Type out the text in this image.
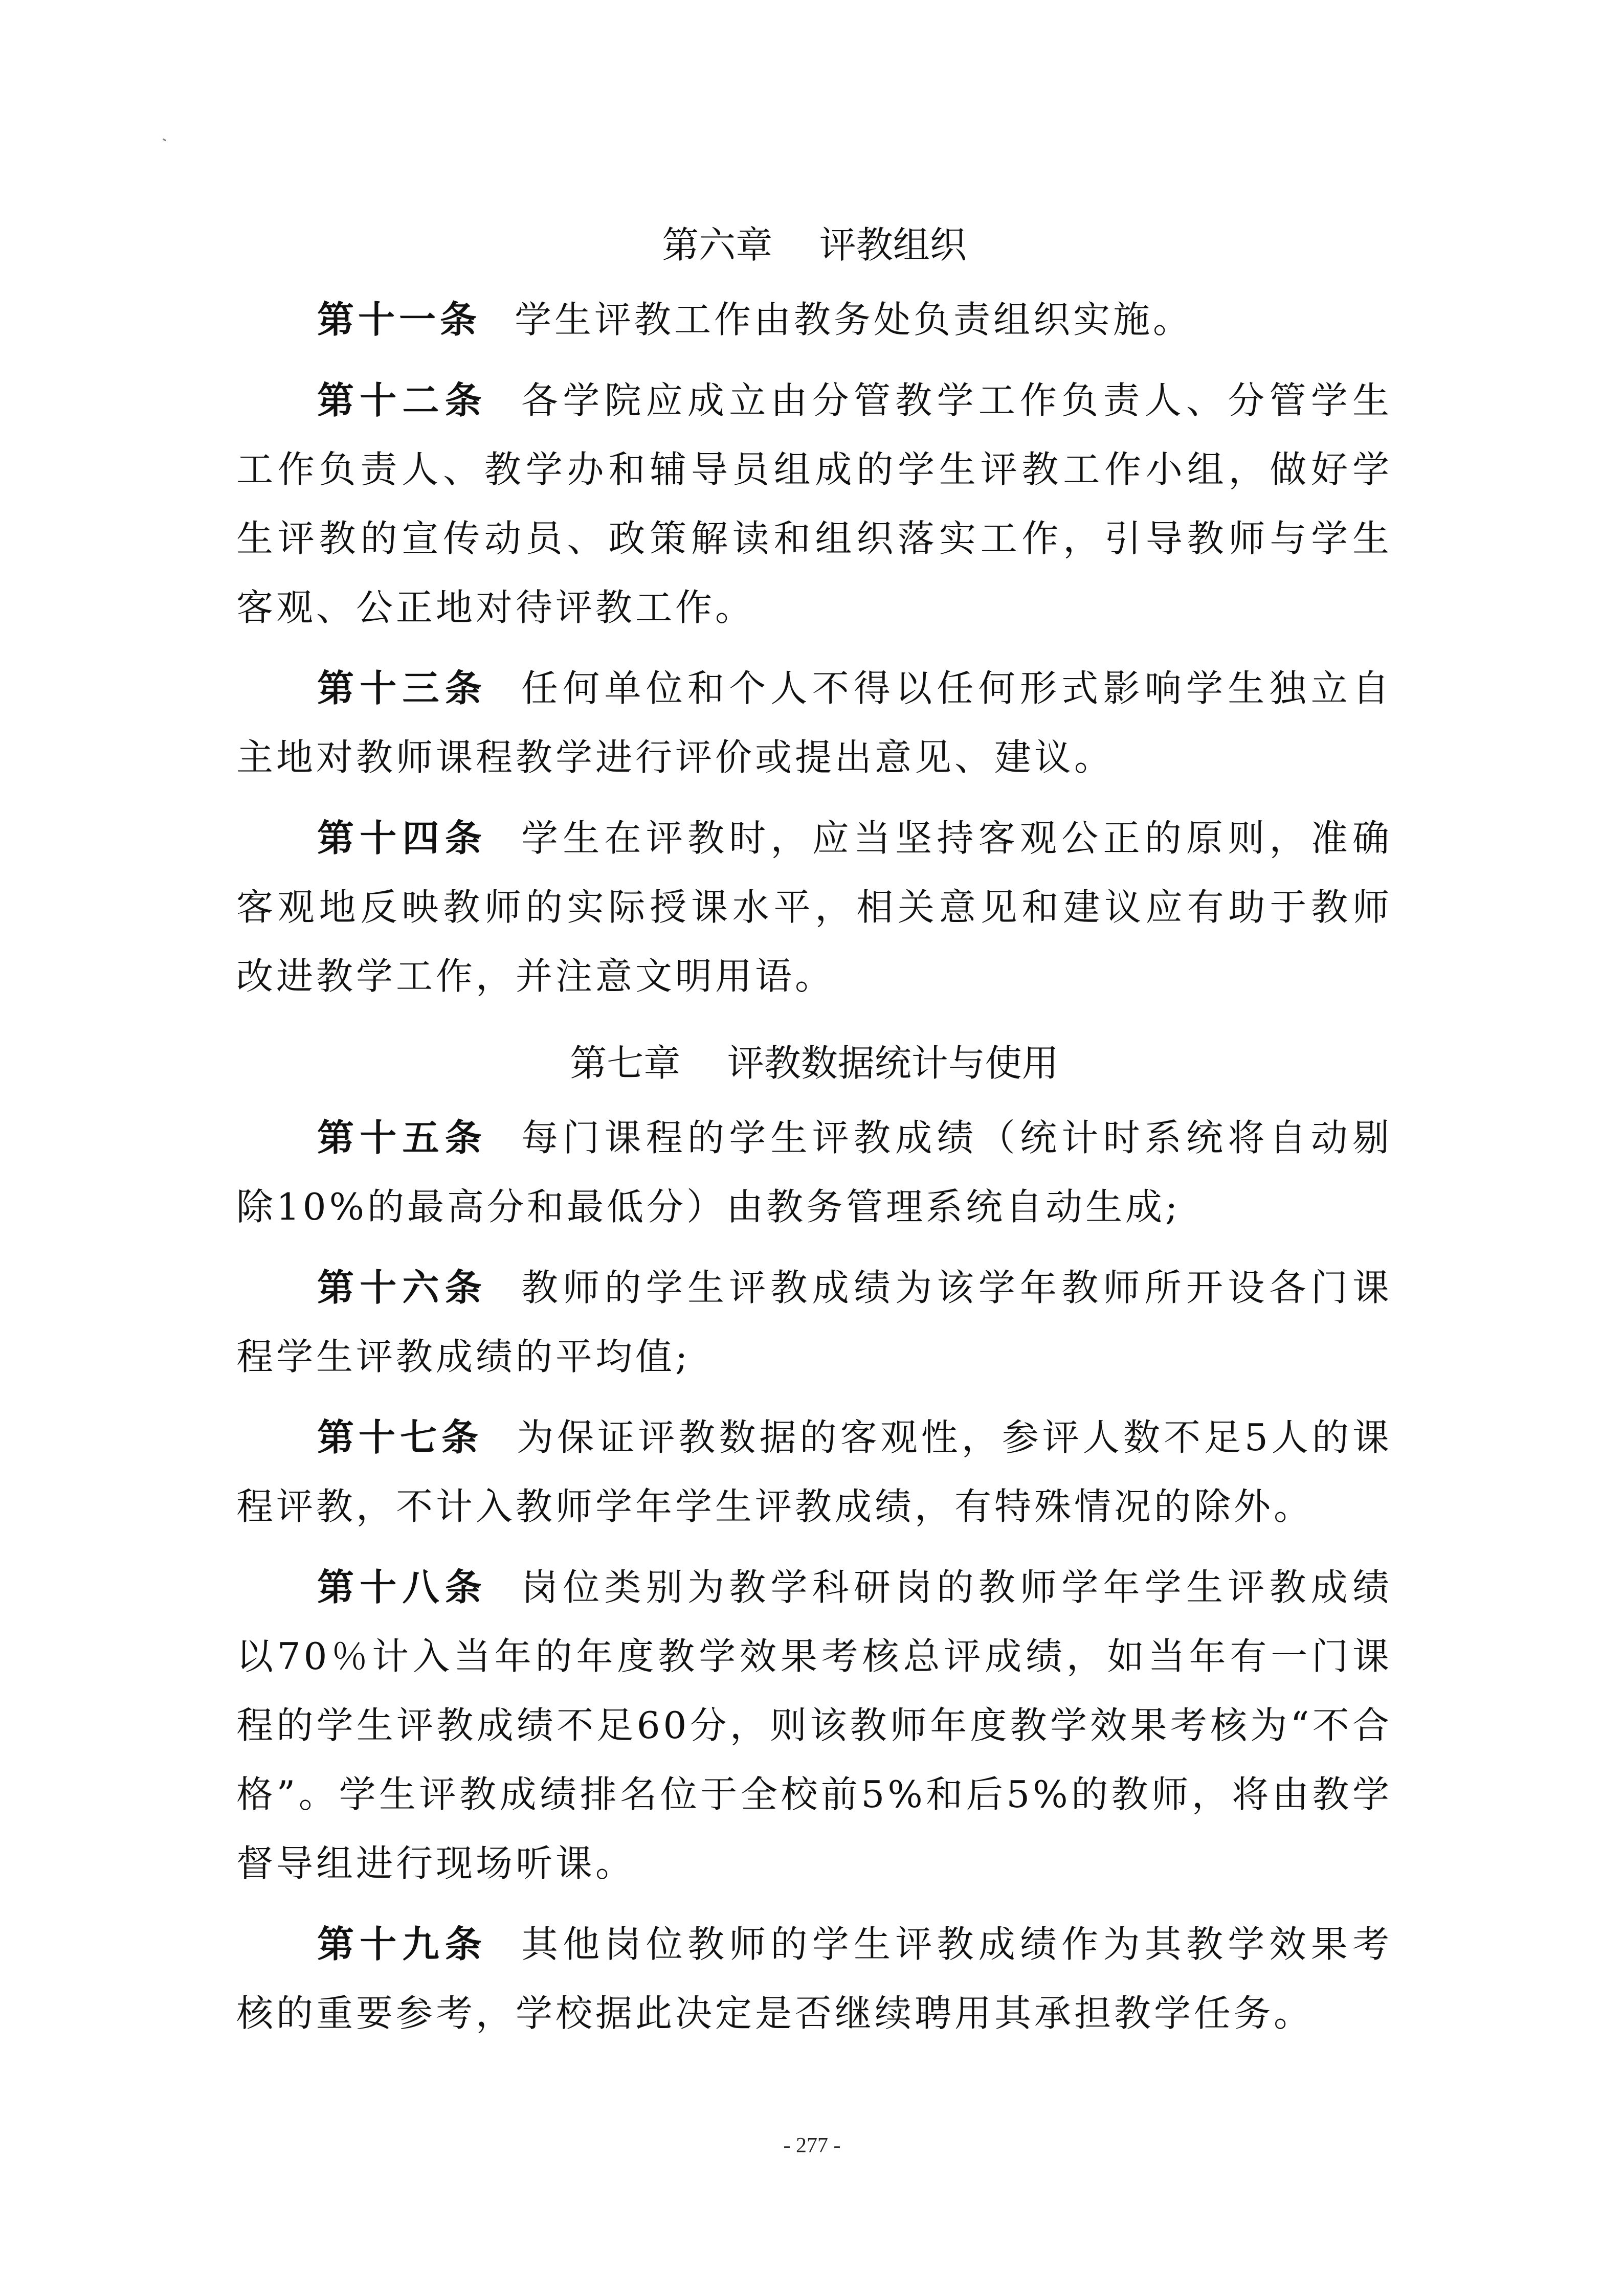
第六章    评教组织

第十一条 学生评教工作由教务处负责组织实施。

第十二条 各学院应成立由分管教学工作负责人、分管学生工作负责人、教学办和辅导员组成的学生评教工作小组，做好学生评教的宣传动员、政策解读和组织落实工作，引导教师与学生客观、公正地对待评教工作。

第十三条 任何单位和个人不得以任何形式影响学生独立自主地对教师课程教学进行评价或提出意见、建议。

第十四条 学生在评教时，应当坚持客观公正的原则，准确客观地反映教师的实际授课水平，相关意见和建议应有助于教师改进教学工作，并注意文明用语。

第七章    评教数据统计与使用

第十五条 每门课程的学生评教成绩（统计时系统将自动剔除10%的最高分和最低分）由教务管理系统自动生成;

第十六条 教师的学生评教成绩为该学年教师所开设各门课程学生评教成绩的平均值;

第十七条 为保证评教数据的客观性，参评人数不足5人的课程评教，不计入教师学年学生评教成绩，有特殊情况的除外。

第十八条 岗位类别为教学科研岗的教师学年学生评教成绩以70％计入当年的年度教学效果考核总评成绩，如当年有一门课程的学生评教成绩不足60分，则该教师年度教学效果考核为“不合格”。学生评教成绩排名位于全校前5%和后5%的教师，将由教学督导组进行现场听课。

第十九条 其他岗位教师的学生评教成绩作为其教学效果考核的重要参考，学校据此决定是否继续聘用其承担教学任务。

- 277 -
